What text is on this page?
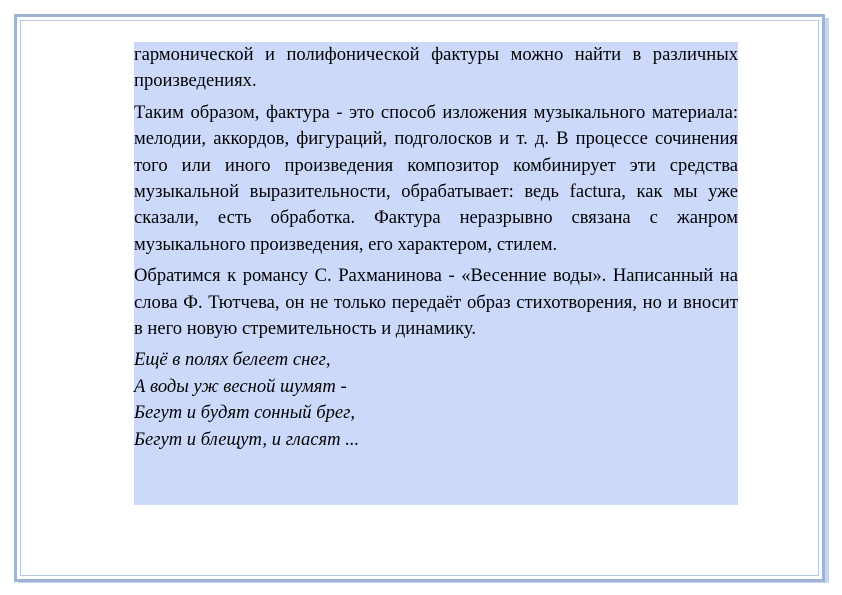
гармонической и полифонической фактуры можно найти в различных произведениях.

Таким образом, фактура - это способ изложения музыкального материала: мелодии, аккордов, фигураций, подголосков и т. д. В процессе сочинения того или иного произведения композитор комбинирует эти средства музыкальной выразительности, обрабатывает: ведь factura, как мы уже сказали, есть обработка. Фактура неразрывно связана с жанром музыкального произведения, его характером, стилем.

Обратимся к романсу С. Рахманинова - «Весенние воды». Написанный на слова Ф. Тютчева, он не только передаёт образ стихотворения, но и вносит в него новую стремительность и динамику.

Ещё в полях белеет снег,
А воды уж весной шумят -
Бегут и будят сонный брег,
Бегут и блещут, и гласят ...
